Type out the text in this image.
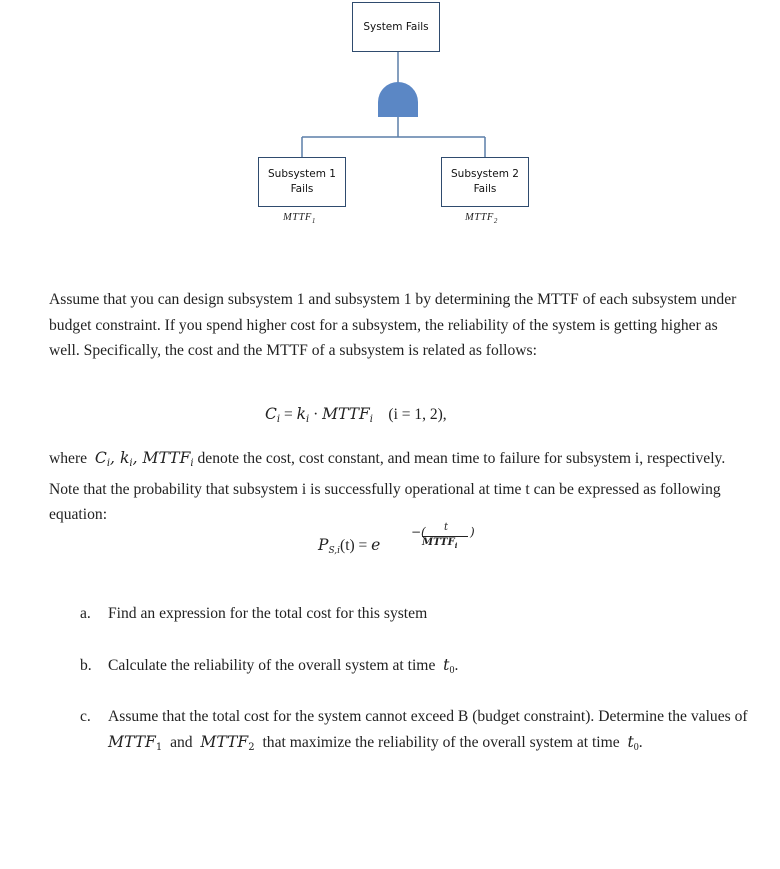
System Fails
Subsystem 1
Fails
Subsystem 2
Fails
$MTTF_1$	$MTTF_2$
Assume that you can design subsystem 1 and subsystem 1 by determining the MTTF of each subsystem under budget constraint. If you spend higher cost for a subsystem, the reliability of the system is getting higher as well. Specifically, the cost and the MTTF of a subsystem is related as follows:
$C_i = k_i$ · $MTTF_i$ (i = 1, 2),
where $C_i$, $k_i$, $MTTF_i$ denote the cost, cost constant, and mean time to failure for subsystem i, respectively. Note that the probability that subsystem i is successfully operational at time t can be expressed as following equation:
$P_{S,i}(t) = e$
−(	t
$MTTF_i$
)
a. Find an expression for the total cost for this system
b. Calculate the reliability of the overall system at time $t_0$.
c. Assume that the total cost for the system cannot exceed B (budget constraint). Determine the values of  $MTTF_1$ and $MTTF_2$ that maximize the reliability of the overall system at time $t_0$.
